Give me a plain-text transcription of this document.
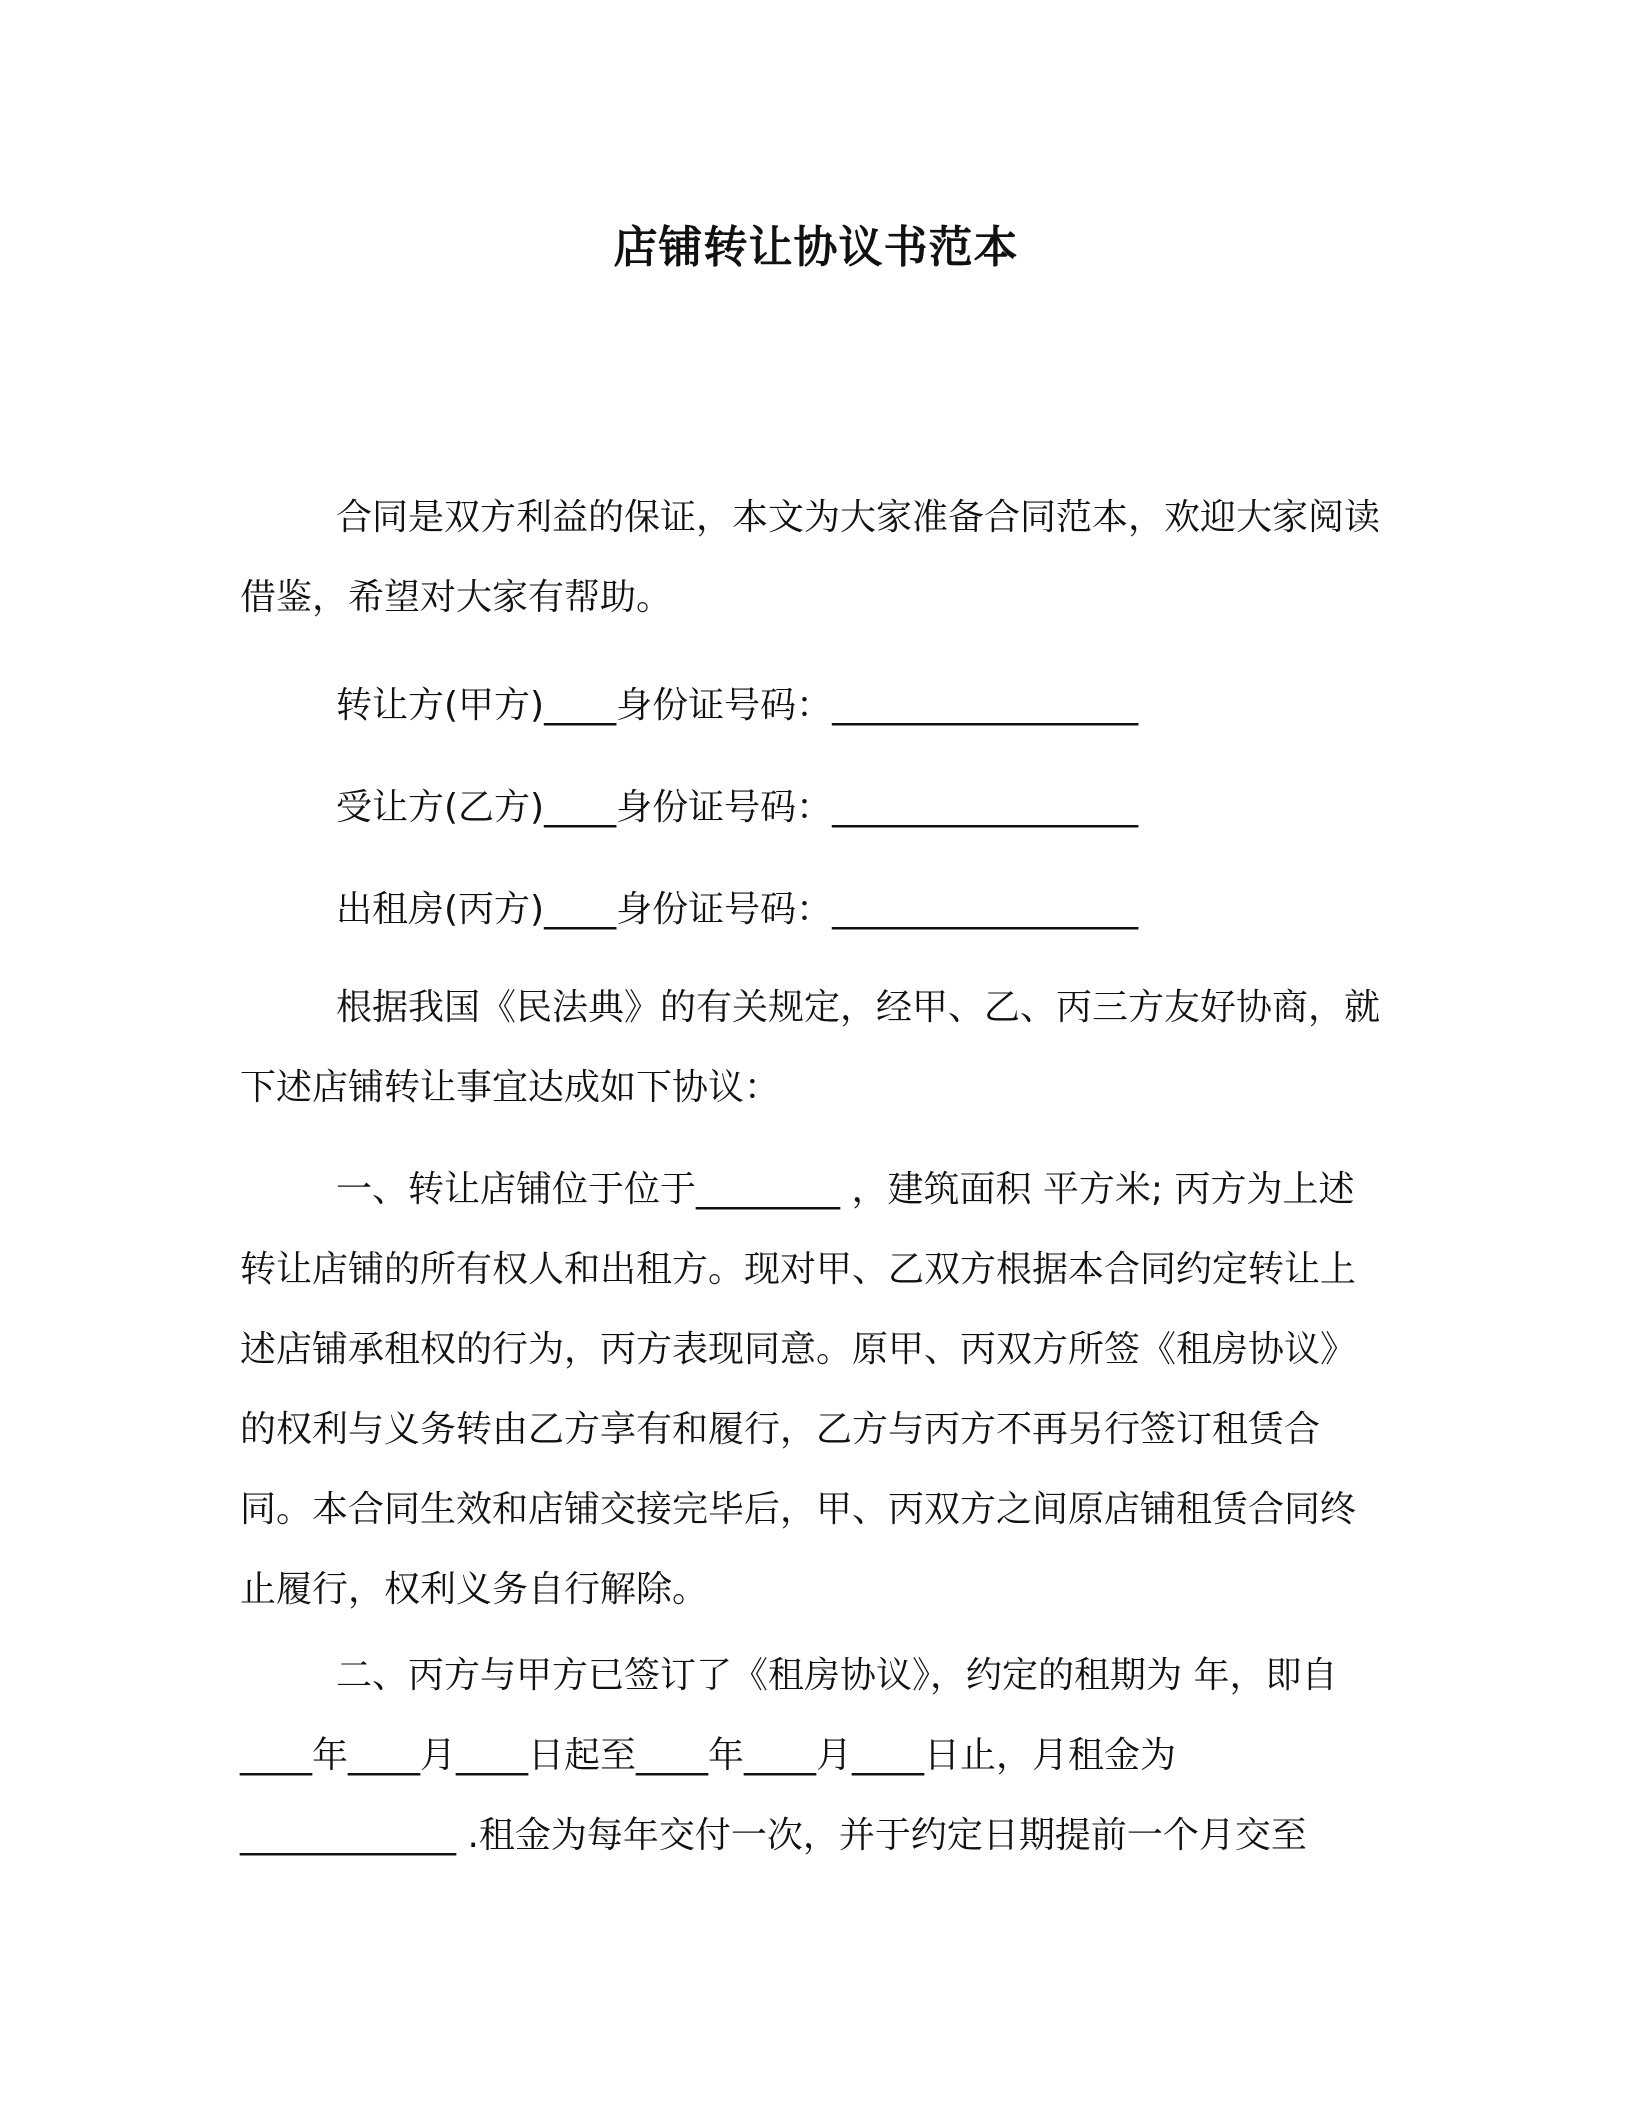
店铺转让协议书范本
合同是双方利益的保证，本文为大家准备合同范本，欢迎大家阅读借鉴，希望对大家有帮助。
转让方(甲方)____身份证号码：_________________
受让方(乙方)____身份证号码：_________________
出租房(丙方)____身份证号码：_________________
根据我国《民法典》的有关规定，经甲、乙、丙三方友好协商，就下述店铺转让事宜达成如下协议：
一、转让店铺位于位于________ ，建筑面积 平方米; 丙方为上述转让店铺的所有权人和出租方。现对甲、乙双方根据本合同约定转让上述店铺承租权的行为，丙方表现同意。原甲、丙双方所签《租房协议》的权利与义务转由乙方享有和履行，乙方与丙方不再另行签订租赁合同。本合同生效和店铺交接完毕后，甲、丙双方之间原店铺租赁合同终止履行，权利义务自行解除。
二、丙方与甲方已签订了《租房协议》，约定的租期为 年，即自____年____月____日起至____年____月____日止，月租金为____________ .租金为每年交付一次，并于约定日期提前一个月交至
